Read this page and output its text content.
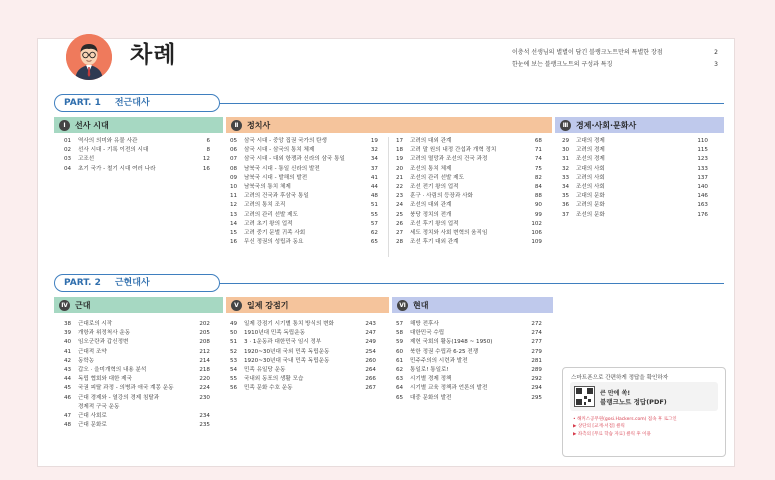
차례	이충석 선생님의 별별이 담긴 블랭크노트만의 특별한 장점	2
한눈에 보는 블랭크노트의 구성과 특징	3
PART. 1 전근대사
Ⅰ	선사 시대	Ⅱ	정치사	Ⅲ 경제·사회·문화사
01	역사의 의미와 유물 사관	6
02	선사 시대 - 기록 이전의 시대	8
03	고조선	12
04	초기 국가 - 철기 시대 여러 나라	16
05	삼국 시대 - 중앙 집권 국가의 탄생	19
06	삼국 시대 - 삼국의 통치 체제	32
07	삼국 시대 - 대외 항쟁과 신라의 삼국 통일	34
08	남북국 시대 - 통일 신라의 발전	37
09	남북국 시대 - 발해의 발전	41
10	남북국의 통치 체제	44
11	고려의 건국과 후삼국 통일	48
12	고려의 통치 조직	51
13	고려의 관리 선발 제도	55
14	고려 초기 왕의 업적	57
15	고려 중기 문벌 귀족 사회	62
16	무신 정권의 성립과 동요	65
17	고려의 대외 관계	68
18	고려 말 원의 내정 간섭과 개혁 정치	71
19	고려의 멸망과 조선의 건국 과정	74
20	조선의 통치 체제	75
21	조선의 관리 선발 제도	82
22	조선 전기 왕의 업적	84
23	훈구 · 사림의 등장과 사화	88
24	조선의 대외 관계	90
25	붕당 정치의 전개	99
26	조선 후기 왕의 업적	102
27	세도 정치와 사회 변혁의 움직임	106
28	조선 후기 대외 관계	109
29	고대의 경제	110
30	고려의 경제	115
31	조선의 경제	123
32	고대의 사회	133
33	고려의 사회	137
34	조선의 사회	140
35	고대의 문화	146
36	고려의 문화	163
37	조선의 문화	176
PART. 2 근현대사
Ⅳ 근대	Ⅴ	일제 강점기	Ⅵ 현대
38	근대로의 시작	202
39	개항과 위정척사 운동	205
40	임오군란과 갑신정변	208
41	근대적 조약	212
42	동학농	214
43	갑오 · 을미개혁의 내용 분석	218
44	독립 협회와 대한 제국	220
45	국권 피탈 과정 - 의병과 애국 계몽 운동	224
46	근대 경제와 - 열강의 경제 침탈과	230
경제적 구국 운동
47	근대 사회로	234
48	근대 문화로	235
49	일제 강점기 시기별 통치 방식의 변화	243
50	1910년대 민족 독립운동	247
51	3 · 1운동과 대한민국 임시 정부	249
52	1920~30년대 국외 민족 독립운동	254
53	1920~30년대 국내 민족 독립운동	260
54	민족 유일당 운동	264
55	국내외 동포의 생활 모습	266
56	민족 문화 수호 운동	267
57	해방 전후사	272
58	대한민국 수립	274
59	제헌 국회의 활동(1948 ~ 1950)	277
60	북한 정권 수립과 6·25 전쟁	279
61	민주주의의 시련과 발전	281
62	통일로! 통일로!	289
63	시기별 경제 정책	292
64	시기별 교육 정책과 언론의 발전	294
65	대중 문화의 발전	295
스마트폰으로 간편하게 정답을 확인하자
큰 만에 쏙!
블랭크노트 정답(PDF)
• 해커스공무원(gosi.Hackers.com) 접속 후 로그인
▶ 상단의 [교재·서점] 클릭
▶ 좌측의 [무료 학습 자료] 클릭 후 이용
